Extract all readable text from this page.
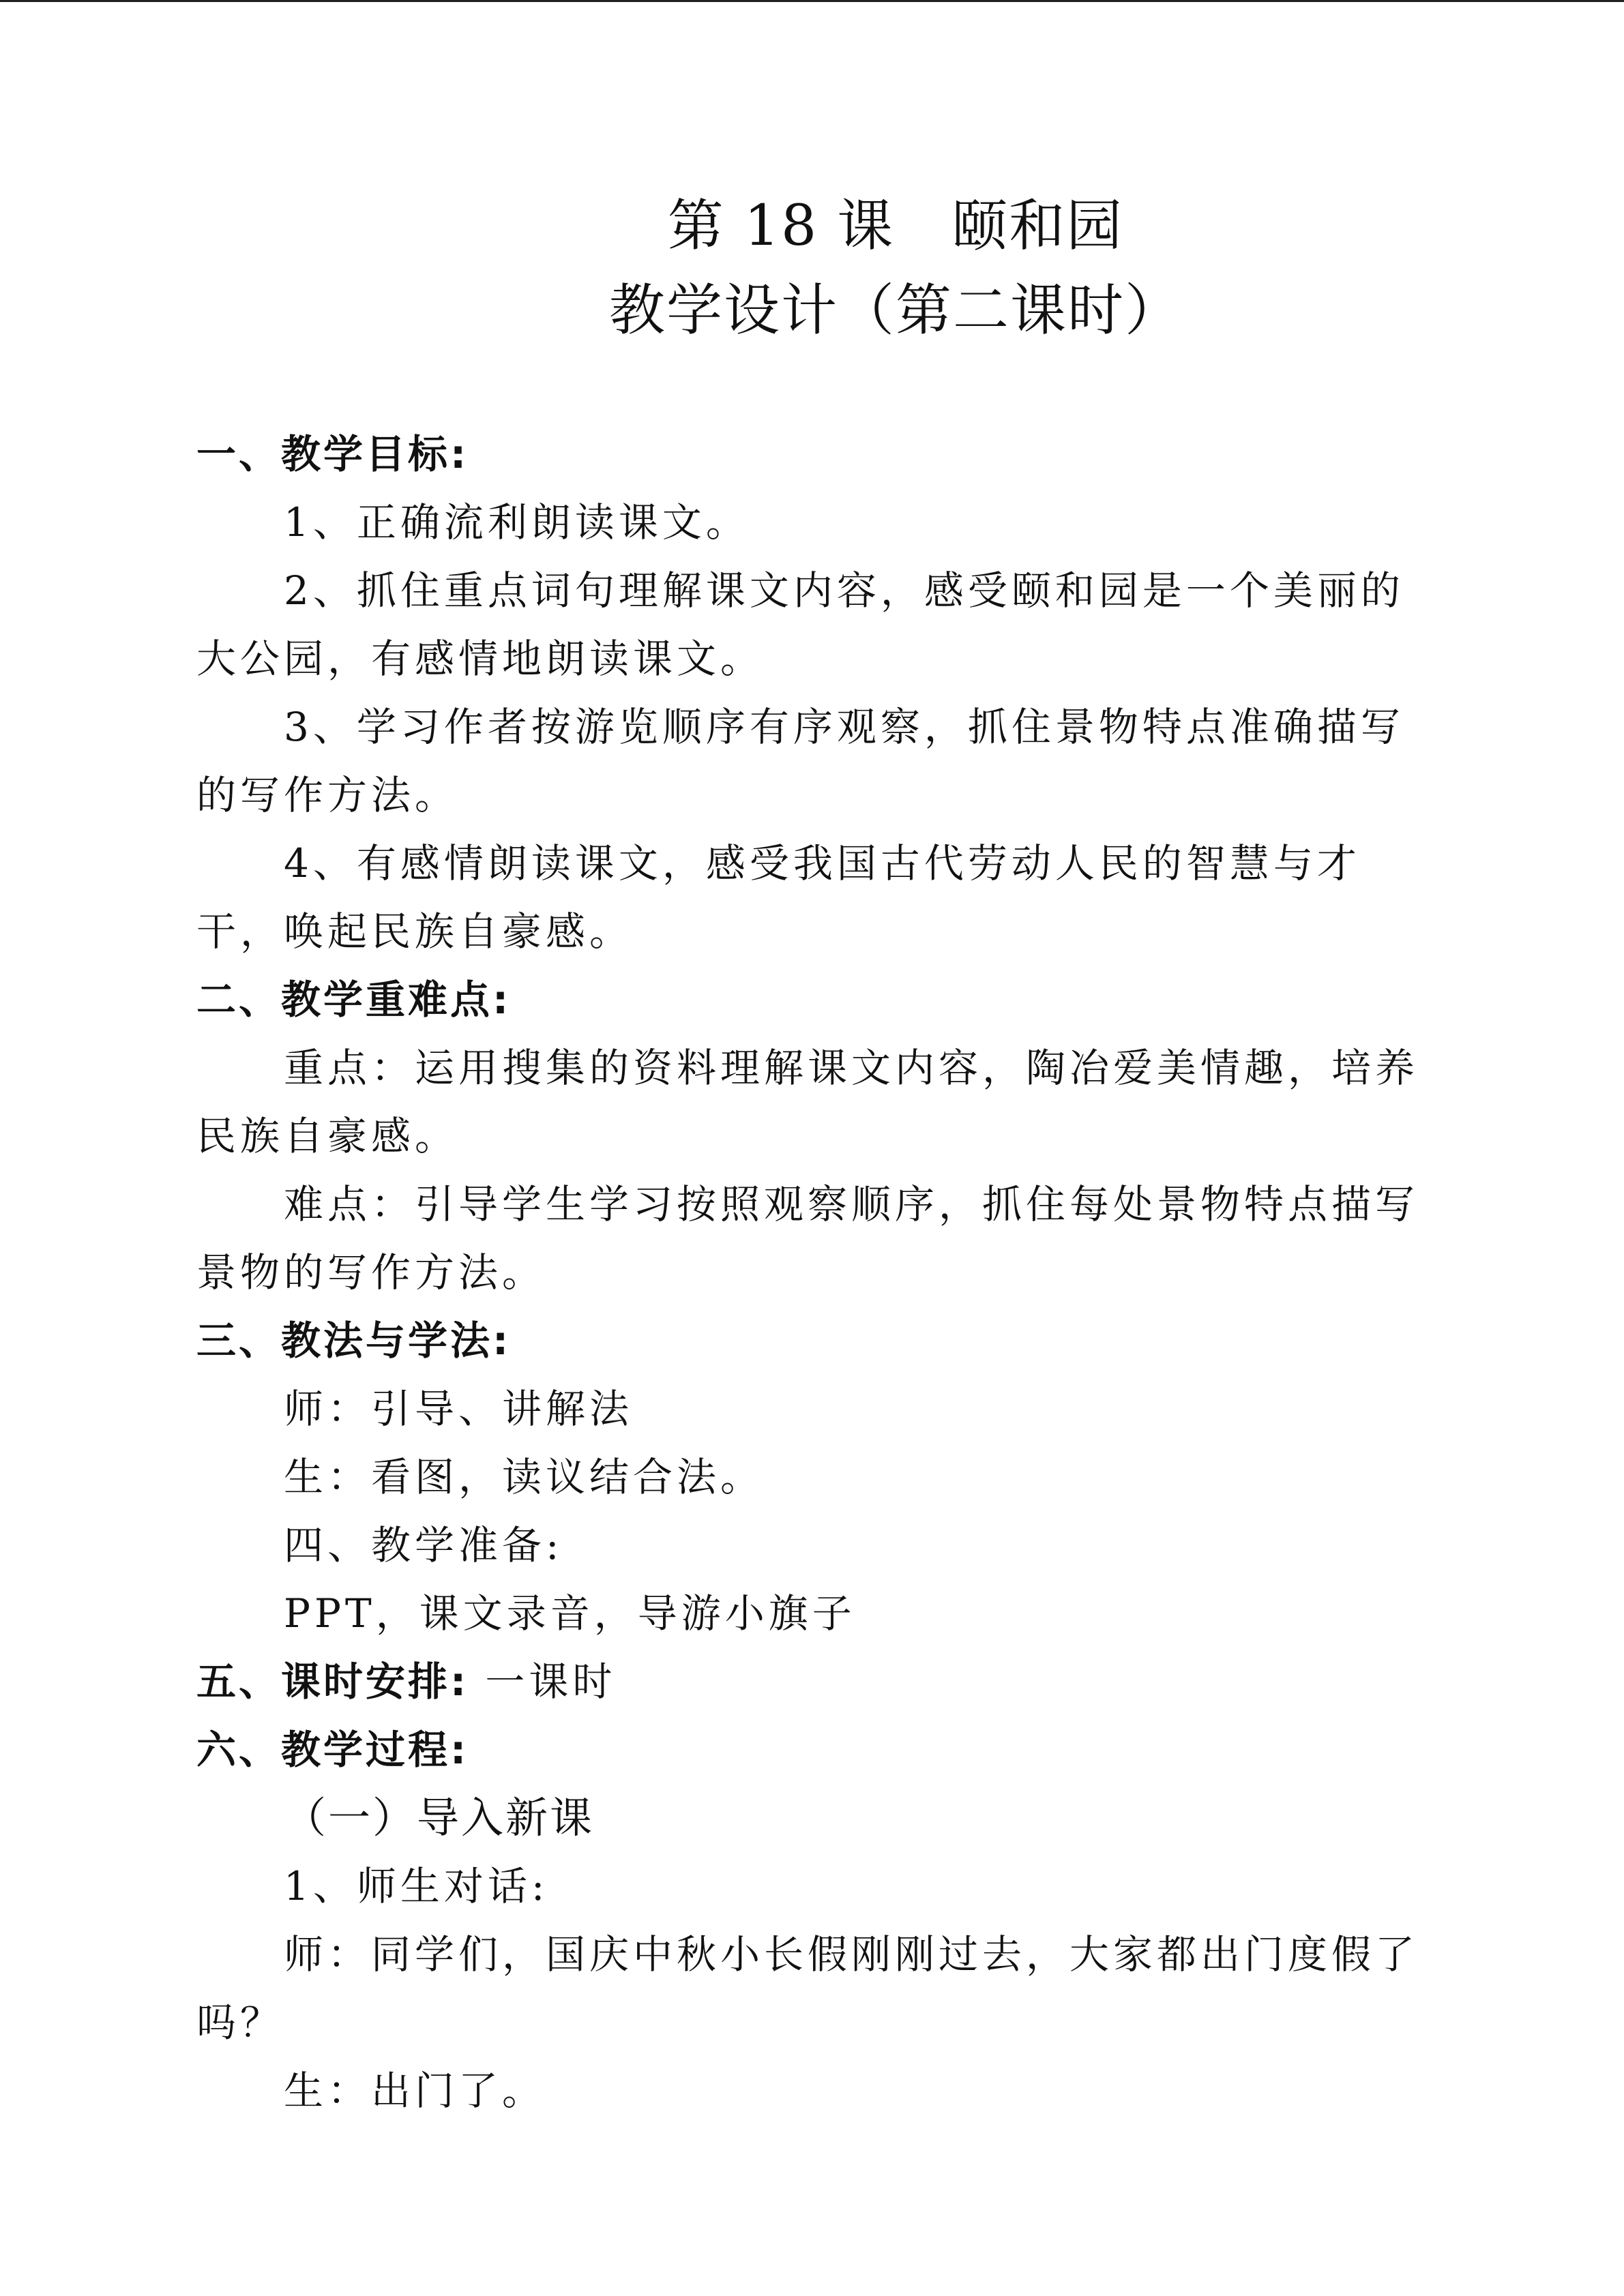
第 18 课　颐和园
教学设计（第二课时）
一、教学目标:
1、正确流利朗读课文。
2、抓住重点词句理解课文内容，感受颐和园是一个美丽的
大公园，有感情地朗读课文。
3、学习作者按游览顺序有序观察，抓住景物特点准确描写
的写作方法。
4、有感情朗读课文，感受我国古代劳动人民的智慧与才
干，唤起民族自豪感。
二、教学重难点:
重点：运用搜集的资料理解课文内容，陶冶爱美情趣，培养
民族自豪感。
难点：引导学生学习按照观察顺序，抓住每处景物特点描写
景物的写作方法。
三、教法与学法:
师：引导、讲解法
生：看图，读议结合法。
四、教学准备:
PPT，课文录音，导游小旗子
五、课时安排: 一课时
六、教学过程:
（一）导入新课
1、师生对话:
师：同学们，国庆中秋小长假刚刚过去，大家都出门度假了
吗？
生：出门了。
